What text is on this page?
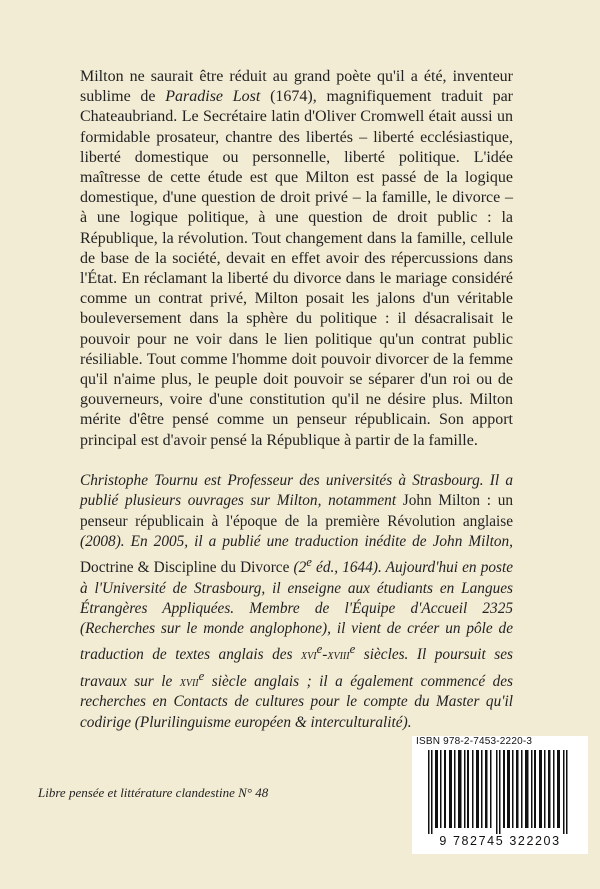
Milton ne saurait être réduit au grand poète qu'il a été, inventeur sublime de Paradise Lost (1674), magnifiquement traduit par Chateaubriand. Le Secrétaire latin d'Oliver Cromwell était aussi un formidable prosateur, chantre des libertés – liberté ecclésiastique, liberté domestique ou personnelle, liberté politique. L'idée maîtresse de cette étude est que Milton est passé de la logique domestique, d'une question de droit privé – la famille, le divorce – à une logique politique, à une question de droit public : la République, la révolution. Tout changement dans la famille, cellule de base de la société, devait en effet avoir des répercussions dans l'État. En réclamant la liberté du divorce dans le mariage considéré comme un contrat privé, Milton posait les jalons d'un véritable bouleversement dans la sphère du politique : il désacralisait le pouvoir pour ne voir dans le lien politique qu'un contrat public résiliable. Tout comme l'homme doit pouvoir divorcer de la femme qu'il n'aime plus, le peuple doit pouvoir se séparer d'un roi ou de gouverneurs, voire d'une constitution qu'il ne désire plus. Milton mérite d'être pensé comme un penseur républicain. Son apport principal est d'avoir pensé la République à partir de la famille.

Christophe Tournu est Professeur des universités à Strasbourg. Il a publié plusieurs ouvrages sur Milton, notamment John Milton : un penseur républicain à l'époque de la première Révolution anglaise (2008). En 2005, il a publié une traduction inédite de John Milton, Doctrine & Discipline du Divorce (2e éd., 1644). Aujourd'hui en poste à l'Université de Strasbourg, il enseigne aux étudiants en Langues Étrangères Appliquées. Membre de l'Équipe d'Accueil 2325 (Recherches sur le monde anglophone), il vient de créer un pôle de traduction de textes anglais des xvi$^e$-xviii$^e$ siècles. Il poursuit ses travaux sur le xvii$^e$ siècle anglais ; il a également commencé des recherches en Contacts de cultures pour le compte du Master qu'il codirige (Plurilinguisme européen & interculturalité).

Libre pensée et littérature clandestine N° 48

ISBN 978-2-7453-2220-3

9 782745 322203
